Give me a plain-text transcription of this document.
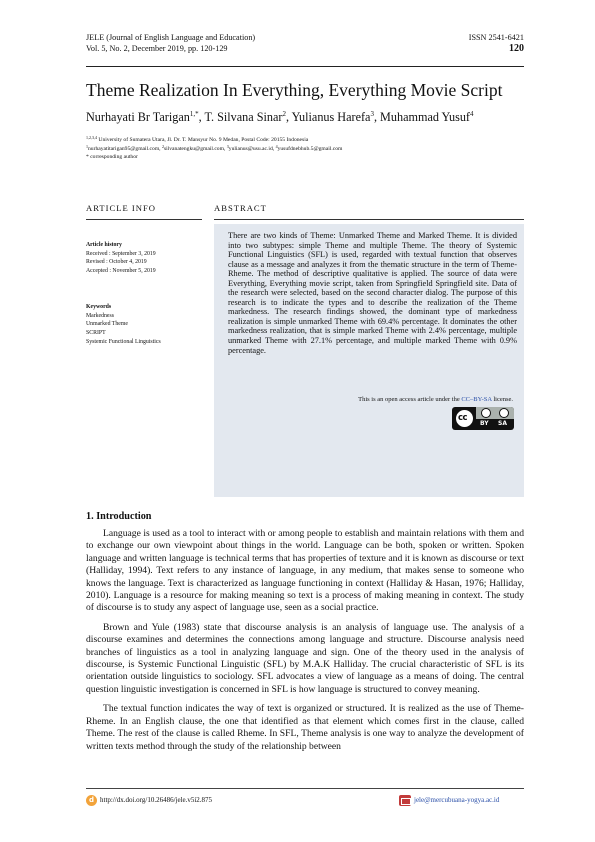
JELE (Journal of English Language and Education)	ISSN 2541-6421
Vol. 5, No. 2, December 2019, pp. 120-129	120
Theme Realization In Everything, Everything Movie Script
Nurhayati Br Tarigan$^{1,*}$, T. Silvana Sinar$^2$, Yulianus Harefa$^3$, Muhammad Yusuf$^4$
$^{1,2,3,4}$ University of Sumatera Utara, Jl. Dr. T. Mansyur No. 9 Medan, Postal Code: 20155 Indonesia
$^1$nurhayatitarigan95@gmail.com, $^2$silvanatengku@gmail.com, $^3$yulianus@usu.ac.id, $^4$yusufdnebhub.5@gmail.com
* corresponding author
ARTICLE INFO	ABSTRACT
Article history
Received : September 3, 2019
Revised : October 4, 2019
Accepted : November 5, 2019
Keywords
Markedness
Unmarked Theme
SCRIPT
Systemic Functional Linguistics
There are two kinds of Theme: Unmarked Theme and Marked Theme. It is divided into two subtypes: simple Theme and multiple Theme. The theory of Systemic Functional Linguistics (SFL) is used, regarded with textual function that observes clause as a message and analyzes it from the thematic structure in the term of Theme-Rheme. The method of descriptive qualitative is applied. The source of data were Everything, Everything movie script, taken from Springfield Springfield site. Data of the research were selected, based on the second character dialog. The purpose of this research is to indicate the types and to describe the realization of the Theme markedness. The research findings showed, the dominant type of markedness realization is simple unmarked Theme with 69.4% percentage. It dominates the other markedness realization, that is simple marked Theme with 2.4% percentage, multiple unmarked Theme with 27.1% percentage, and multiple marked Theme with 0.9% percentage.
This is an open access article under the CC–BY-SA license.
cc
BY SA
1. Introduction

Language is used as a tool to interact with or among people to establish and maintain relations with them and to exchange our own viewpoint about things in the world. Language can be both, spoken or written. Spoken language and written language is technical terms that has properties of texture and it is known as discourse or text (Halliday, 1994). Text refers to any instance of language, in any medium, that makes sense to someone who knows the language. Text is characterized as language functioning in context (Halliday & Hasan, 1976; Halliday, 2010). Language is a resource for making meaning so text is a process of making meaning in context. The study of discourse is to study any aspect of language use, seen as a social practice.

Brown and Yule (1983) state that discourse analysis is an analysis of language use. The analysis of a discourse examines and determines the connections among language and structure. Discourse analysis need branches of linguistics as a tool in analyzing language and sign. One of the theory used in the analysis of discourse, is Systemic Functional Linguistic (SFL) by M.A.K Halliday. The crucial characteristic of SFL is its orientation outside linguistics to sociology. SFL advocates a view of language as a means of doing. The central question linguistic investigation is concerned in SFL is how language is structured to convey meaning.

The textual function indicates the way of text is organized or structured. It is realized as the use of Theme-Rheme. In an English clause, the one that identified as that element which comes first in the clause, called Theme. The rest of the clause is called Rheme. In SFL, Theme analysis is one way to analyze the development of written texts method through the study of the relationship between

d http://dx.doi.org/10.26486/jele.v5i2.875	jele@mercubuana-yogya.ac.id
